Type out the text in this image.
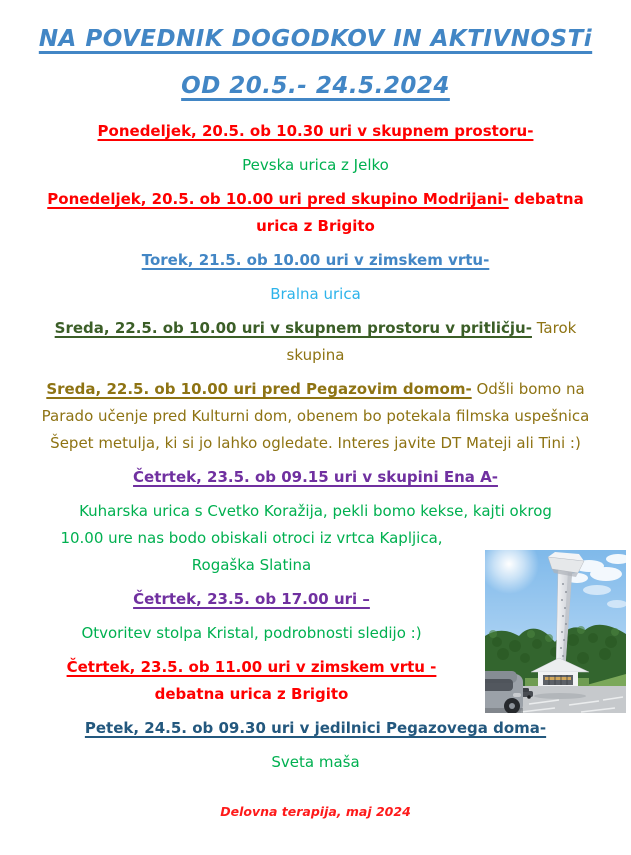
NA POVEDNIK DOGODKOV IN AKTIVNOSTi
OD 20.5.- 24.5.2024

Ponedeljek, 20.5. ob 10.30 uri v skupnem prostoru-

Pevska urica z Jelko

Ponedeljek, 20.5. ob 10.00 uri pred skupino Modrijani- debatna
urica z Brigito

Torek, 21.5. ob 10.00 uri v zimskem vrtu-

Bralna urica

Sreda, 22.5. ob 10.00 uri v skupnem prostoru v pritličju- Tarok
skupina

Sreda, 22.5. ob 10.00 uri pred Pegazovim domom- Odšli bomo na Parado učenje pred Kulturni dom, obenem bo potekala filmska uspešnica Šepet metulja, ki si jo lahko ogledate. Interes javite DT Mateji ali Tini :)

Četrtek, 23.5. ob 09.15 uri v skupini Ena A-

Kuharska urica s Cvetko Koražija, pekli bomo kekse, kajti okrog
10.00 ure nas bodo obiskali otroci iz vrtca Kapljica,
Rogaška Slatina

Četrtek, 23.5. ob 17.00 uri –

Otvoritev stolpa Kristal, podrobnosti sledijo :)

Četrtek, 23.5. ob 11.00 uri v zimskem vrtu -
debatna urica z Brigito

Petek, 24.5. ob 09.30 uri v jedilnici Pegazovega doma-

Sveta maša

Delovna terapija, maj 2024
